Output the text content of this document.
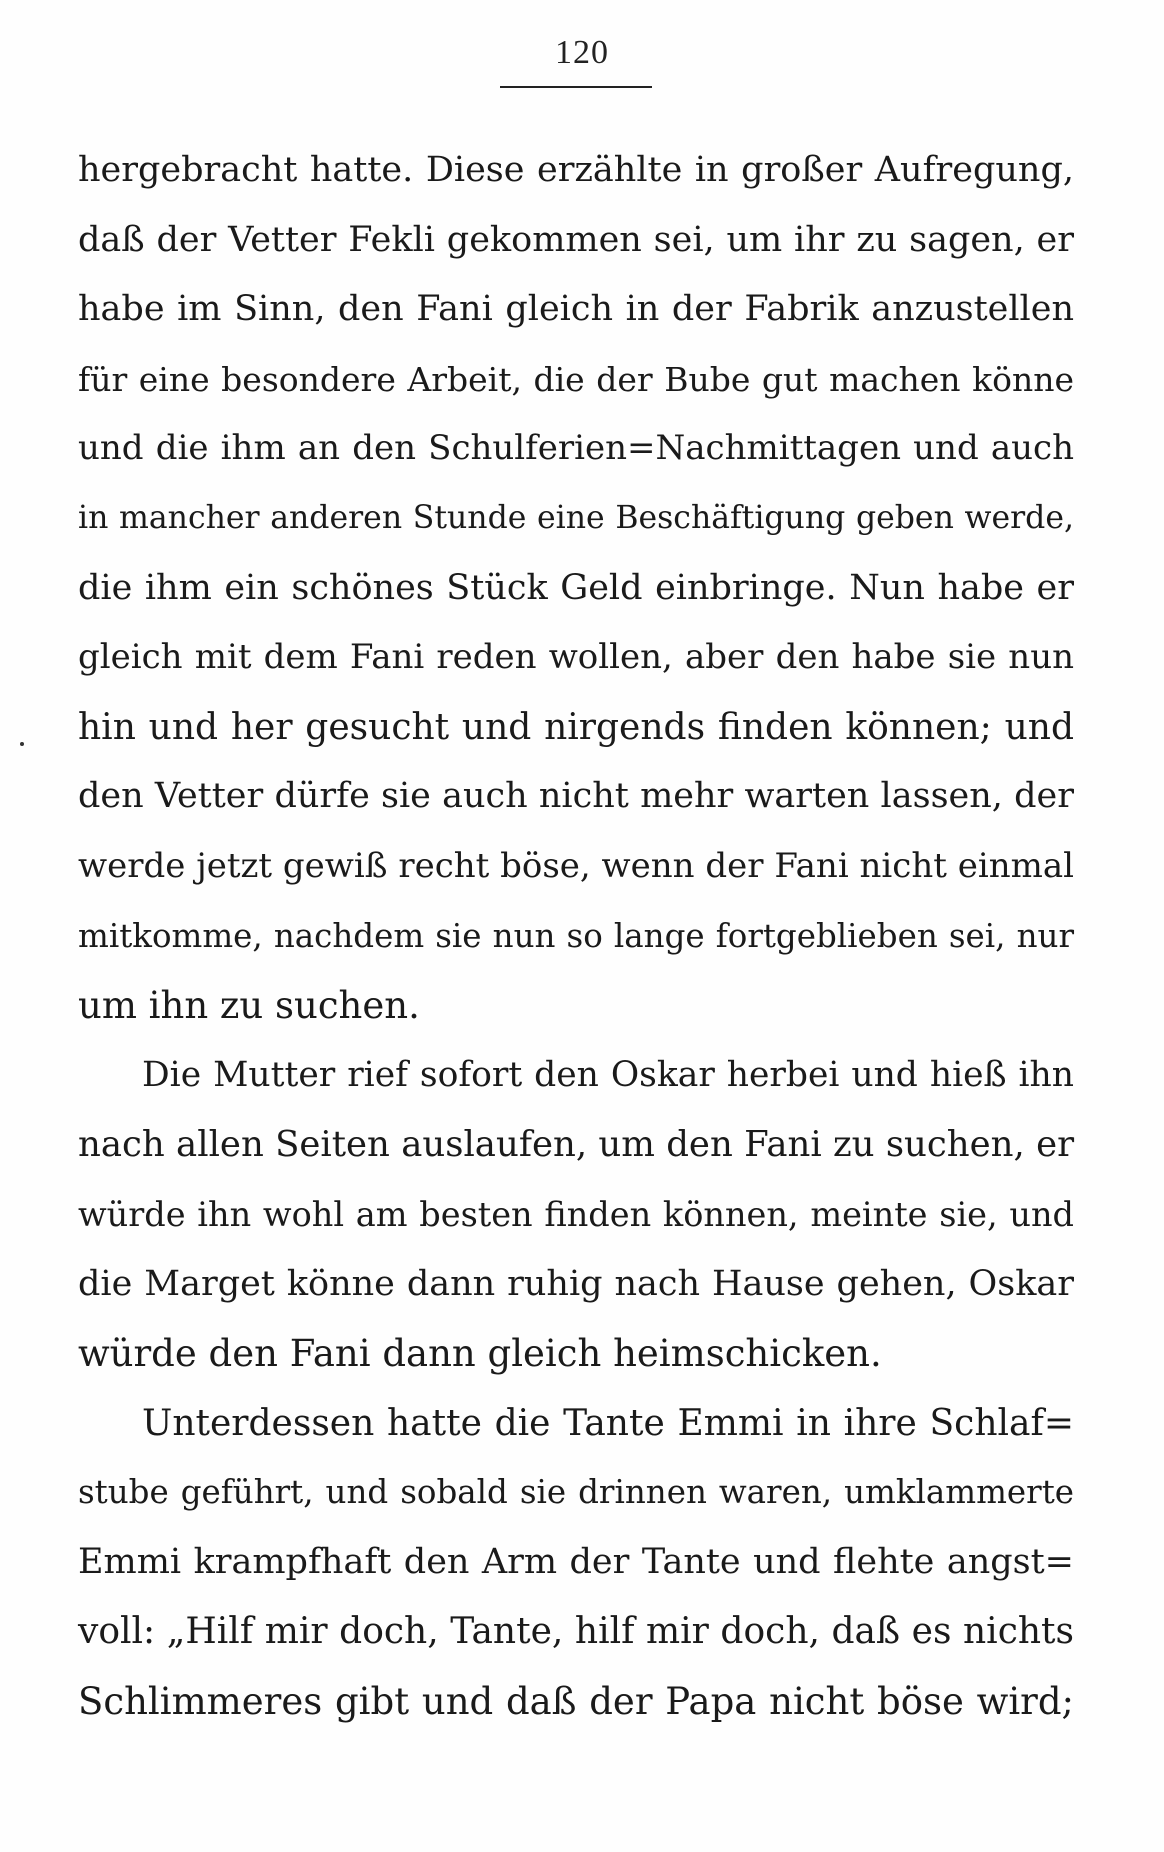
120
hergebracht hatte. Diese erzählte in großer Aufregung,
daß der Vetter Fekli gekommen sei, um ihr zu sagen, er
habe im Sinn, den Fani gleich in der Fabrik anzustellen
für eine besondere Arbeit, die der Bube gut machen könne
und die ihm an den Schulferien=Nachmittagen und auch
in mancher anderen Stunde eine Beschäftigung geben werde,
die ihm ein schönes Stück Geld einbringe. Nun habe er
gleich mit dem Fani reden wollen, aber den habe sie nun
hin und her gesucht und nirgends finden können; und
den Vetter dürfe sie auch nicht mehr warten lassen, der
werde jetzt gewiß recht böse, wenn der Fani nicht einmal
mitkomme, nachdem sie nun so lange fortgeblieben sei, nur
um ihn zu suchen.
Die Mutter rief sofort den Oskar herbei und hieß ihn
nach allen Seiten auslaufen, um den Fani zu suchen, er
würde ihn wohl am besten finden können, meinte sie, und
die Marget könne dann ruhig nach Hause gehen, Oskar
würde den Fani dann gleich heimschicken.
Unterdessen hatte die Tante Emmi in ihre Schlaf=
stube geführt, und sobald sie drinnen waren, umklammerte
Emmi krampfhaft den Arm der Tante und flehte angst=
voll: „Hilf mir doch, Tante, hilf mir doch, daß es nichts
Schlimmeres gibt und daß der Papa nicht böse wird;
